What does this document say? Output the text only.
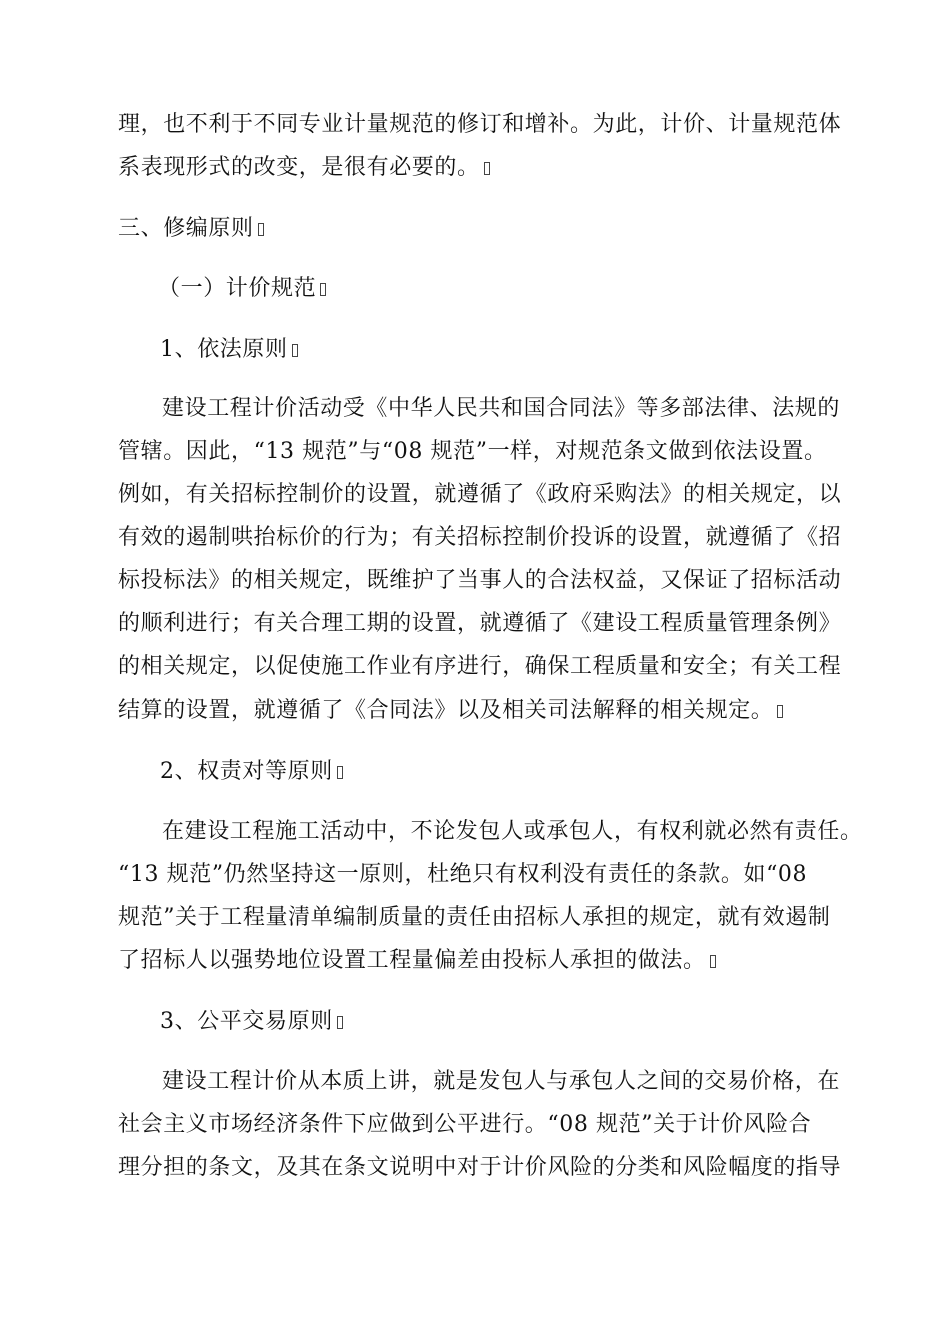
理，也不利于不同专业计量规范的修订和增补。为此，计价、计量规范体
系表现形式的改变，是很有必要的。
三、修编原则
（一）计价规范
1、依法原则
建设工程计价活动受《中华人民共和国合同法》等多部法律、法规的
管辖。因此，“13 规范”与“08 规范”一样，对规范条文做到依法设置。
例如，有关招标控制价的设置，就遵循了《政府采购法》的相关规定，以
有效的遏制哄抬标价的行为；有关招标控制价投诉的设置，就遵循了《招
标投标法》的相关规定，既维护了当事人的合法权益，又保证了招标活动
的顺利进行；有关合理工期的设置，就遵循了《建设工程质量管理条例》
的相关规定，以促使施工作业有序进行，确保工程质量和安全；有关工程
结算的设置，就遵循了《合同法》以及相关司法解释的相关规定。
2、权责对等原则
在建设工程施工活动中，不论发包人或承包人，有权利就必然有责任。
“13 规范”仍然坚持这一原则，杜绝只有权利没有责任的条款。如“08
规范”关于工程量清单编制质量的责任由招标人承担的规定，就有效遏制
了招标人以强势地位设置工程量偏差由投标人承担的做法。
3、公平交易原则
建设工程计价从本质上讲，就是发包人与承包人之间的交易价格，在
社会主义市场经济条件下应做到公平进行。“08 规范”关于计价风险合
理分担的条文，及其在条文说明中对于计价风险的分类和风险幅度的指导
